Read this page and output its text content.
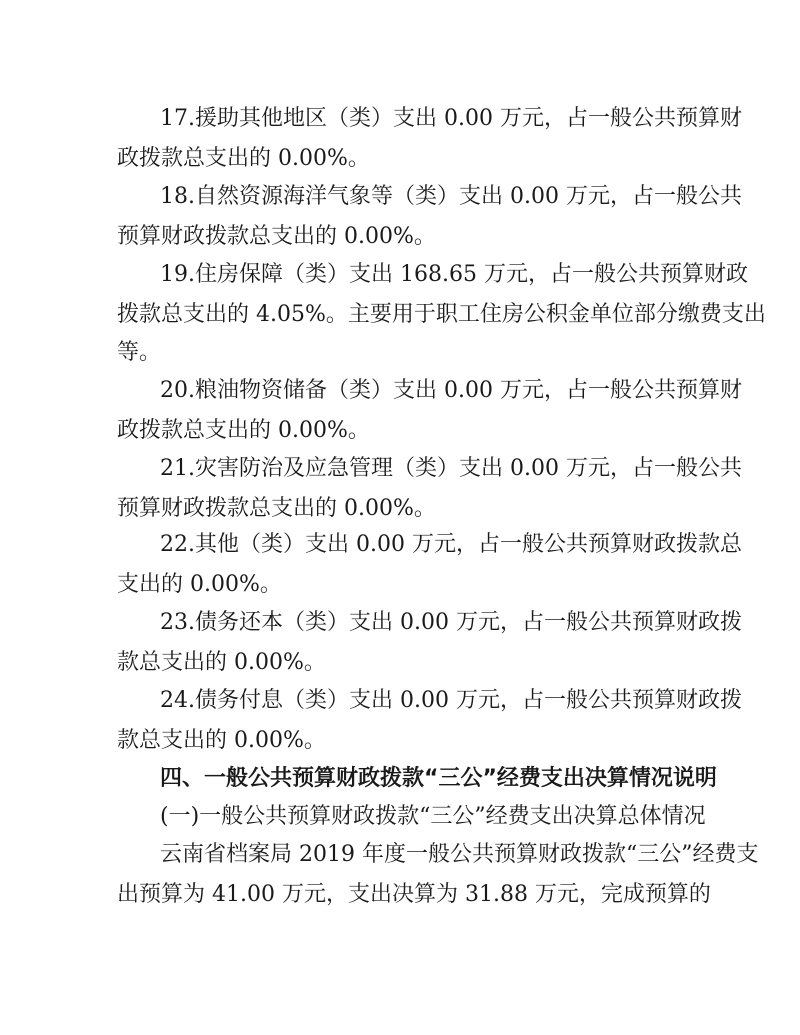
17.援助其他地区（类）支出 0.00 万元，占一般公共预算财

政拨款总支出的 0.00%。

18.自然资源海洋气象等（类）支出 0.00 万元，占一般公共

预算财政拨款总支出的 0.00%。

19.住房保障（类）支出 168.65 万元，占一般公共预算财政

拨款总支出的 4.05%。主要用于职工住房公积金单位部分缴费支出

等。

20.粮油物资储备（类）支出 0.00 万元，占一般公共预算财

政拨款总支出的 0.00%。

21.灾害防治及应急管理（类）支出 0.00 万元，占一般公共

预算财政拨款总支出的 0.00%。

22.其他（类）支出 0.00 万元，占一般公共预算财政拨款总

支出的 0.00%。

23.债务还本（类）支出 0.00 万元，占一般公共预算财政拨

款总支出的 0.00%。

24.债务付息（类）支出 0.00 万元，占一般公共预算财政拨

款总支出的 0.00%。

四、一般公共预算财政拨款“三公”经费支出决算情况说明

(一)一般公共预算财政拨款“三公”经费支出决算总体情况

云南省档案局 2019 年度一般公共预算财政拨款“三公”经费支

出预算为 41.00 万元，支出决算为 31.88 万元，完成预算的
